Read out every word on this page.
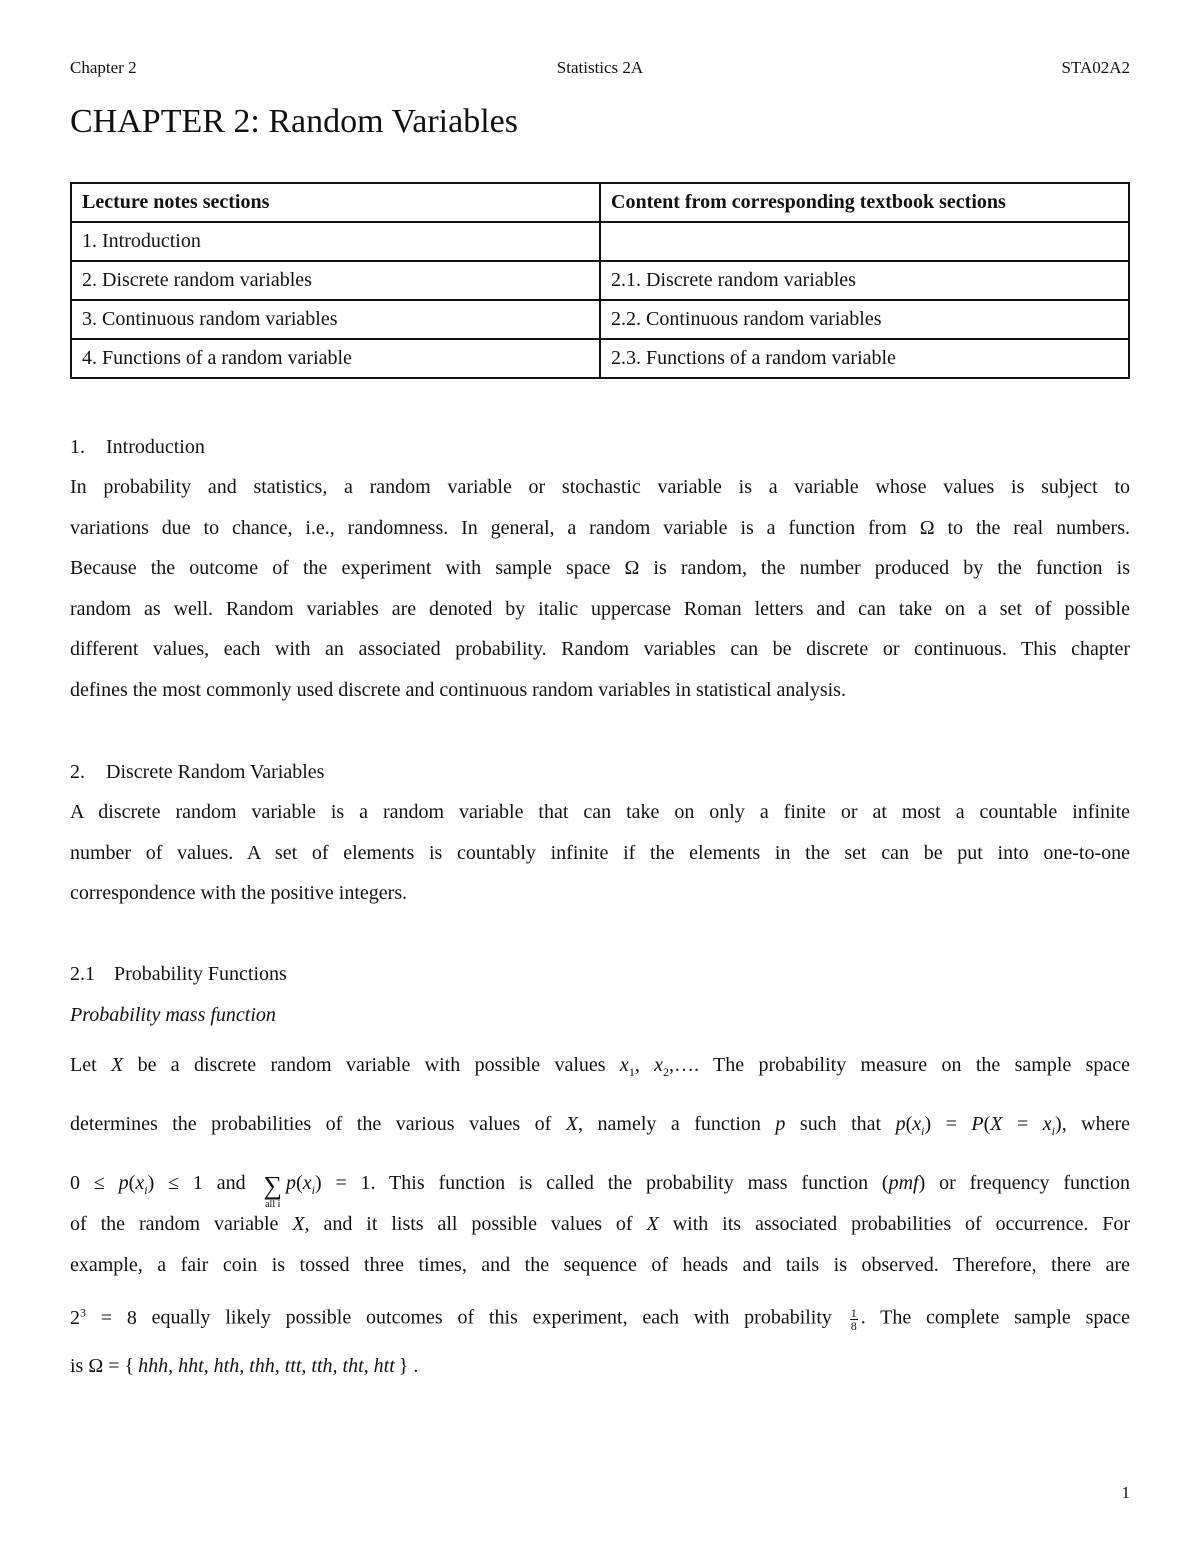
Chapter 2	Statistics 2A	STA02A2
CHAPTER 2: Random Variables
Lecture notes sections	Content from corresponding textbook sections
1. Introduction	
2. Discrete random variables	2.1. Discrete random variables
3. Continuous random variables	2.2. Continuous random variables
4. Functions of a random variable	2.3. Functions of a random variable
1. Introduction
In probability and statistics, a random variable or stochastic variable is a variable whose values is subject to
variations due to chance, i.e., randomness. In general, a random variable is a function from Ω to the real numbers.
Because the outcome of the experiment with sample space Ω is random, the number produced by the function is
random as well. Random variables are denoted by italic uppercase Roman letters and can take on a set of possible
different values, each with an associated probability. Random variables can be discrete or continuous. This chapter
defines the most commonly used discrete and continuous random variables in statistical analysis.
2. Discrete Random Variables
A discrete random variable is a random variable that can take on only a finite or at most a countable infinite
number of values. A set of elements is countably infinite if the elements in the set can be put into one-to-one
correspondence with the positive integers.
2.1 Probability Functions
Probability mass function
Let X be a discrete random variable with possible values $x_1$, $x_2,\dots$. The probability measure on the sample space
determines the probabilities of the various values of X, namely a function p such that $p(x_i) = P(X = x_i)$, where
$0 \le p(x_i) \le 1$ and ∑
all i
$p(x_i) = 1$. This function is called the probability mass function (pmf) or frequency function
of the random variable X, and it lists all possible values of X with its associated probabilities of occurrence. For
example, a fair coin is tossed three times, and the sequence of heads and tails is observed. Therefore, there are
$2^3 = 8$ equally likely possible outcomes of this experiment, each with probability $\frac{1}{8}$ . The complete sample space
is Ω = { hhh, hht, hth, thh, ttt, tth, tht, htt } .
1
